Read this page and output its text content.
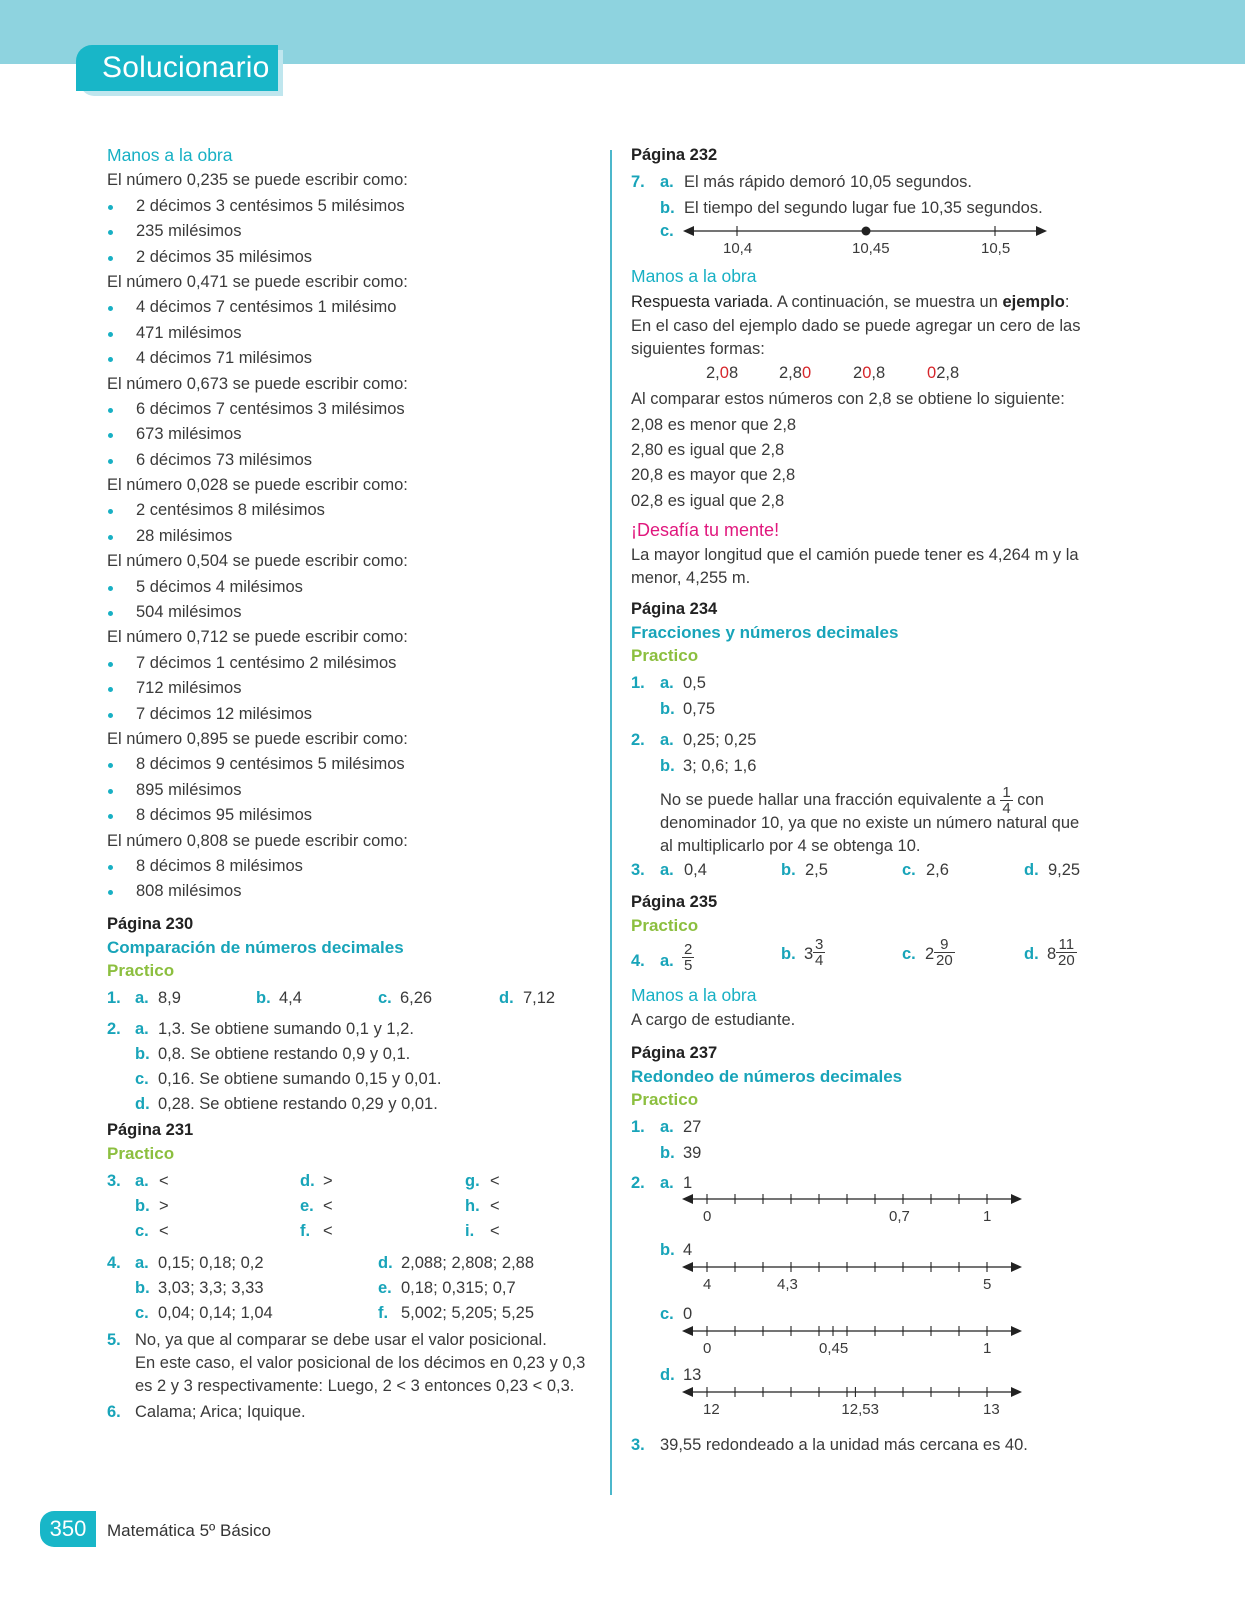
Solucionario
Manos a la obra
El número 0,235 se puede escribir como:
2 décimos 3 centésimos 5 milésimos
235 milésimos
2 décimos 35 milésimos
El número 0,471 se puede escribir como:
4 décimos 7 centésimos 1 milésimo
471 milésimos
4 décimos 71 milésimos
El número 0,673 se puede escribir como:
6 décimos 7 centésimos 3 milésimos
673 milésimos
6 décimos 73 milésimos
El número 0,028 se puede escribir como:
2 centésimos 8 milésimos
28 milésimos
El número 0,504 se puede escribir como:
5 décimos 4 milésimos
504 milésimos
El número 0,712 se puede escribir como:
7 décimos 1 centésimo 2 milésimos
712 milésimos
7 décimos 12 milésimos
El número 0,895 se puede escribir como:
8 décimos 9 centésimos 5 milésimos
895 milésimos
8 décimos 95 milésimos
El número 0,808 se puede escribir como:
8 décimos 8 milésimos
808 milésimos
Página 230
Comparación de números decimales
Practico
1. a. 8,9	b. 4,4	c. 6,26	d. 7,12
2. a. 1,3. Se obtiene sumando 0,1 y 1,2.
b. 0,8. Se obtiene restando 0,9 y 0,1.
c. 0,16. Se obtiene sumando 0,15 y 0,01.
d. 0,28. Se obtiene restando 0,29 y 0,01.
Página 231
Practico
3. a. <
b. >
c. <
d. >
e. <
f. <
g. <
h. <
i. <
4. a. 0,15; 0,18; 0,2
b. 3,03; 3,3; 3,33
c. 0,04; 0,14; 1,04
d. 2,088; 2,808; 2,88
e. 0,18; 0,315; 0,7
f. 5,002; 5,205; 5,25
5. No, ya que al comparar se debe usar el valor posicional.
En este caso, el valor posicional de los décimos en 0,23 y 0,3
es 2 y 3 respectivamente: Luego, 2 < 3 entonces 0,23 < 0,3.
6. Calama; Arica; Iquique.
Página 232
7. a. El más rápido demoró 10,05 segundos.
b. El tiempo del segundo lugar fue 10,35 segundos.
c.
10,4	10,45	10,5
Manos a la obra
Respuesta variada. A continuación, se muestra un ejemplo:
En el caso del ejemplo dado se puede agregar un cero de las
siguientes formas:
2,08 2,80	20,8	02,8
Al comparar estos números con 2,8 se obtiene lo siguiente:
2,08 es menor que 2,8
2,80 es igual que 2,8
20,8 es mayor que 2,8
02,8 es igual que 2,8
¡Desafía tu mente!
La mayor longitud que el camión puede tener es 4,264 m y la
menor, 4,255 m.
Página 234
Fracciones y números decimales
Practico
1. a. 0,5
b. 0,75
2. a. 0,25; 0,25
b. 3; 0,6; 1,6
No se puede hallar una fracción equivalente a $\frac{1}{4}$ con
denominador 10, ya que no existe un número natural que
al multiplicarlo por 4 se obtenga 10.
3. a. 0,4	b. 2,5	c. 2,6	d. 9,25
Página 235
Practico
4. a. $\frac{2}{5}$	b. $3 \frac{3}{4}$	c. $2 \frac{9}{20}$	d. $8 \frac{11}{20}$
Manos a la obra
A cargo de estudiante.
Página 237
Redondeo de números decimales
Practico
1. a. 27
b. 39
2. a. 1
0	0,7	1
b. 4
4	4,3	5
c. 0
0	0,45	1
d. 13
12	12,53	13
3. 39,55 redondeado a la unidad más cercana es 40.
350	Matemática 5º Básico
